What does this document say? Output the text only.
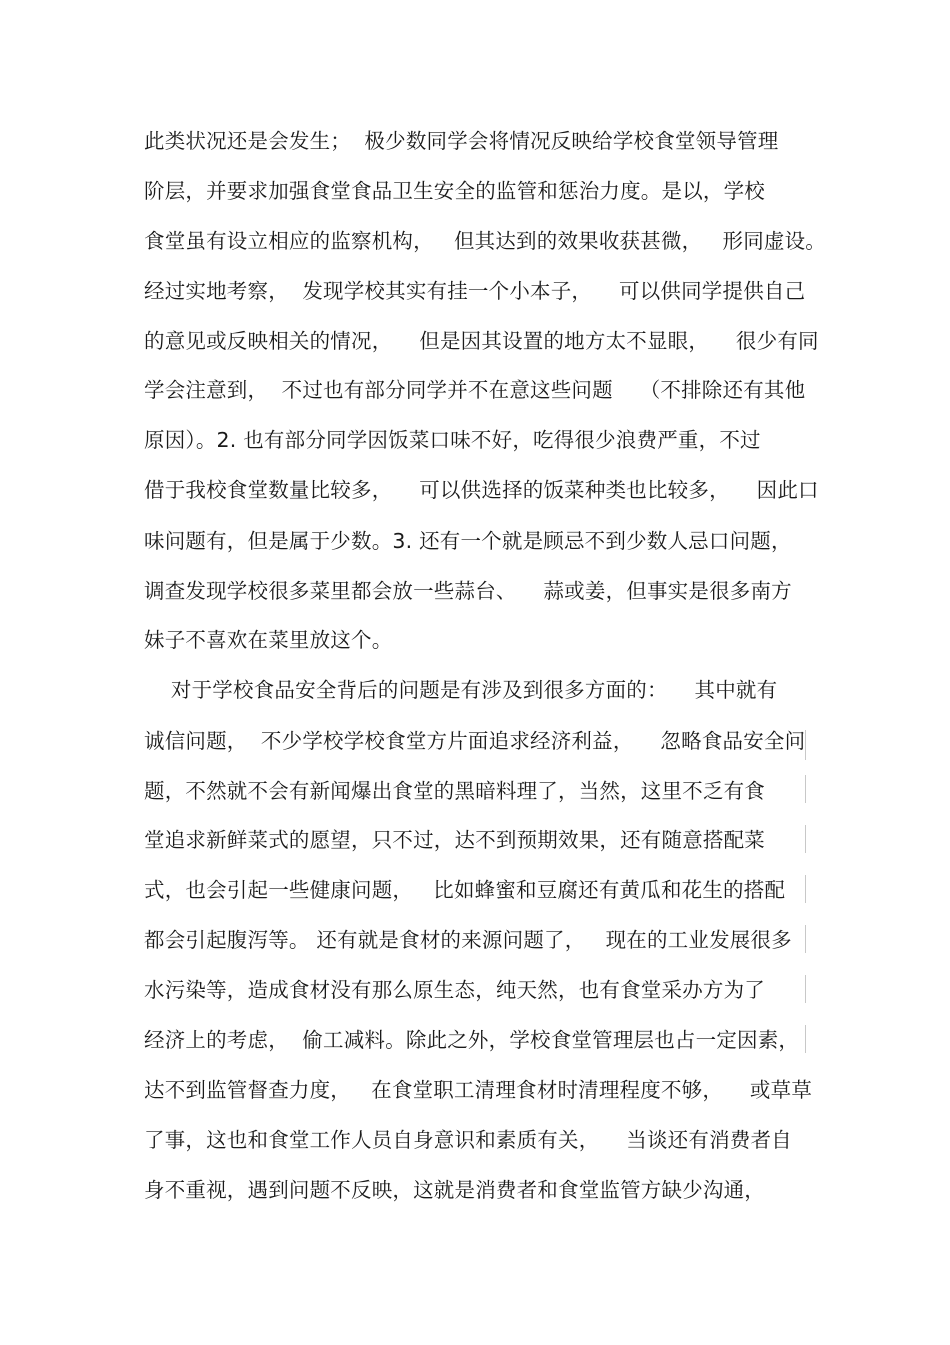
此类状况还是会发生；  极少数同学会将情况反映给学校食堂领导管理
阶层，并要求加强食堂食品卫生安全的监管和惩治力度。是以，学校
食堂虽有设立相应的监察机构，   但其达到的效果收获甚微，   形同虚设。
经过实地考察，  发现学校其实有挂一个小本子，    可以供同学提供自己
的意见或反映相关的情况，    但是因其设置的地方太不显眼，    很少有同
学会注意到，  不过也有部分同学并不在意这些问题    （不排除还有其他
原因）。2. 也有部分同学因饭菜口味不好，吃得很少浪费严重，不过
借于我校食堂数量比较多，    可以供选择的饭菜种类也比较多，    因此口
味问题有，但是属于少数。3. 还有一个就是顾忌不到少数人忌口问题，
调查发现学校很多菜里都会放一些蒜台、    蒜或姜，但事实是很多南方
妹子不喜欢在菜里放这个。
对于学校食品安全背后的问题是有涉及到很多方面的：    其中就有
诚信问题，  不少学校学校食堂方片面追求经济利益，    忽略食品安全问
题，不然就不会有新闻爆出食堂的黑暗料理了，当然，这里不乏有食
堂追求新鲜菜式的愿望，只不过，达不到预期效果，还有随意搭配菜
式，也会引起一些健康问题，   比如蜂蜜和豆腐还有黄瓜和花生的搭配
都会引起腹泻等。 还有就是食材的来源问题了，   现在的工业发展很多
水污染等，造成食材没有那么原生态，纯天然，也有食堂采办方为了
经济上的考虑，  偷工减料。除此之外，学校食堂管理层也占一定因素，
达不到监管督查力度，   在食堂职工清理食材时清理程度不够，    或草草
了事，这也和食堂工作人员自身意识和素质有关，    当谈还有消费者自
身不重视，遇到问题不反映，这就是消费者和食堂监管方缺少沟通，
